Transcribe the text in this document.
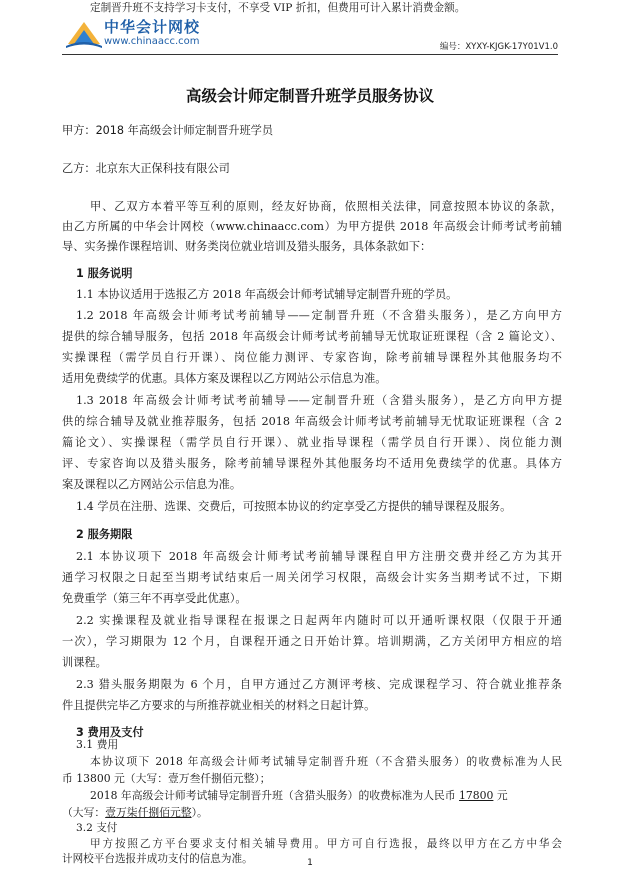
中华会计网校
www.chinaacc.com	编号：XYXY-KJGK-17Y01V1.0
高级会计师定制晋升班学员服务协议
甲方：2018 年高级会计师定制晋升班学员
乙方：北京东大正保科技有限公司
甲、乙双方本着平等互利的原则，经友好协商，依照相关法律，同意按照本协议的条款，
由乙方所属的中华会计网校（www.chinaacc.com）为甲方提供 2018 年高级会计师考试考前辅
导、实务操作课程培训、财务类岗位就业培训及猎头服务，具体条款如下：
1 服务说明
1.1 本协议适用于选报乙方 2018 年高级会计师考试辅导定制晋升班的学员。
1.2 2018 年高级会计师考试考前辅导——定制晋升班（不含猎头服务），是乙方向甲方
提供的综合辅导服务，包括 2018 年高级会计师考试考前辅导无忧取证班课程（含 2 篇论文）、
实操课程（需学员自行开课）、岗位能力测评、专家咨询，除考前辅导课程外其他服务均不
适用免费续学的优惠。具体方案及课程以乙方网站公示信息为准。
1.3 2018 年高级会计师考试考前辅导——定制晋升班（含猎头服务），是乙方向甲方提
供的综合辅导及就业推荐服务，包括 2018 年高级会计师考试考前辅导无忧取证班课程（含 2
篇论文）、实操课程（需学员自行开课）、就业指导课程（需学员自行开课）、岗位能力测
评、专家咨询以及猎头服务，除考前辅导课程外其他服务均不适用免费续学的优惠。具体方
案及课程以乙方网站公示信息为准。
1.4 学员在注册、选课、交费后，可按照本协议的约定享受乙方提供的辅导课程及服务。
2 服务期限
2.1 本协议项下 2018 年高级会计师考试考前辅导课程自甲方注册交费并经乙方为其开
通学习权限之日起至当期考试结束后一周关闭学习权限，高级会计实务当期考试不过，下期
免费重学（第三年不再享受此优惠）。
2.2 实操课程及就业指导课程在报课之日起两年内随时可以开通听课权限（仅限于开通
一次），学习期限为 12 个月，自课程开通之日开始计算。培训期满，乙方关闭甲方相应的培
训课程。
2.3 猎头服务期限为 6 个月，自甲方通过乙方测评考核、完成课程学习、符合就业推荐条
件且提供完毕乙方要求的与所推荐就业相关的材料之日起计算。
3 费用及支付
3.1 费用
本协议项下 2018 年高级会计师考试辅导定制晋升班（不含猎头服务）的收费标准为人民
币 13800 元（大写：壹万叁仟捌佰元整）；
2018 年高级会计师考试辅导定制晋升班（含猎头服务）的收费标准为人民币 17800 元
（大写：壹万柒仟捌佰元整）。
3.2 支付
甲方按照乙方平台要求支付相关辅导费用。甲方可自行选报，最终以甲方在乙方中华会
计网校平台选报并成功支付的信息为准。
定制晋升班不支持学习卡支付，不享受 VIP 折扣，但费用可计入累计消费金额。
1
